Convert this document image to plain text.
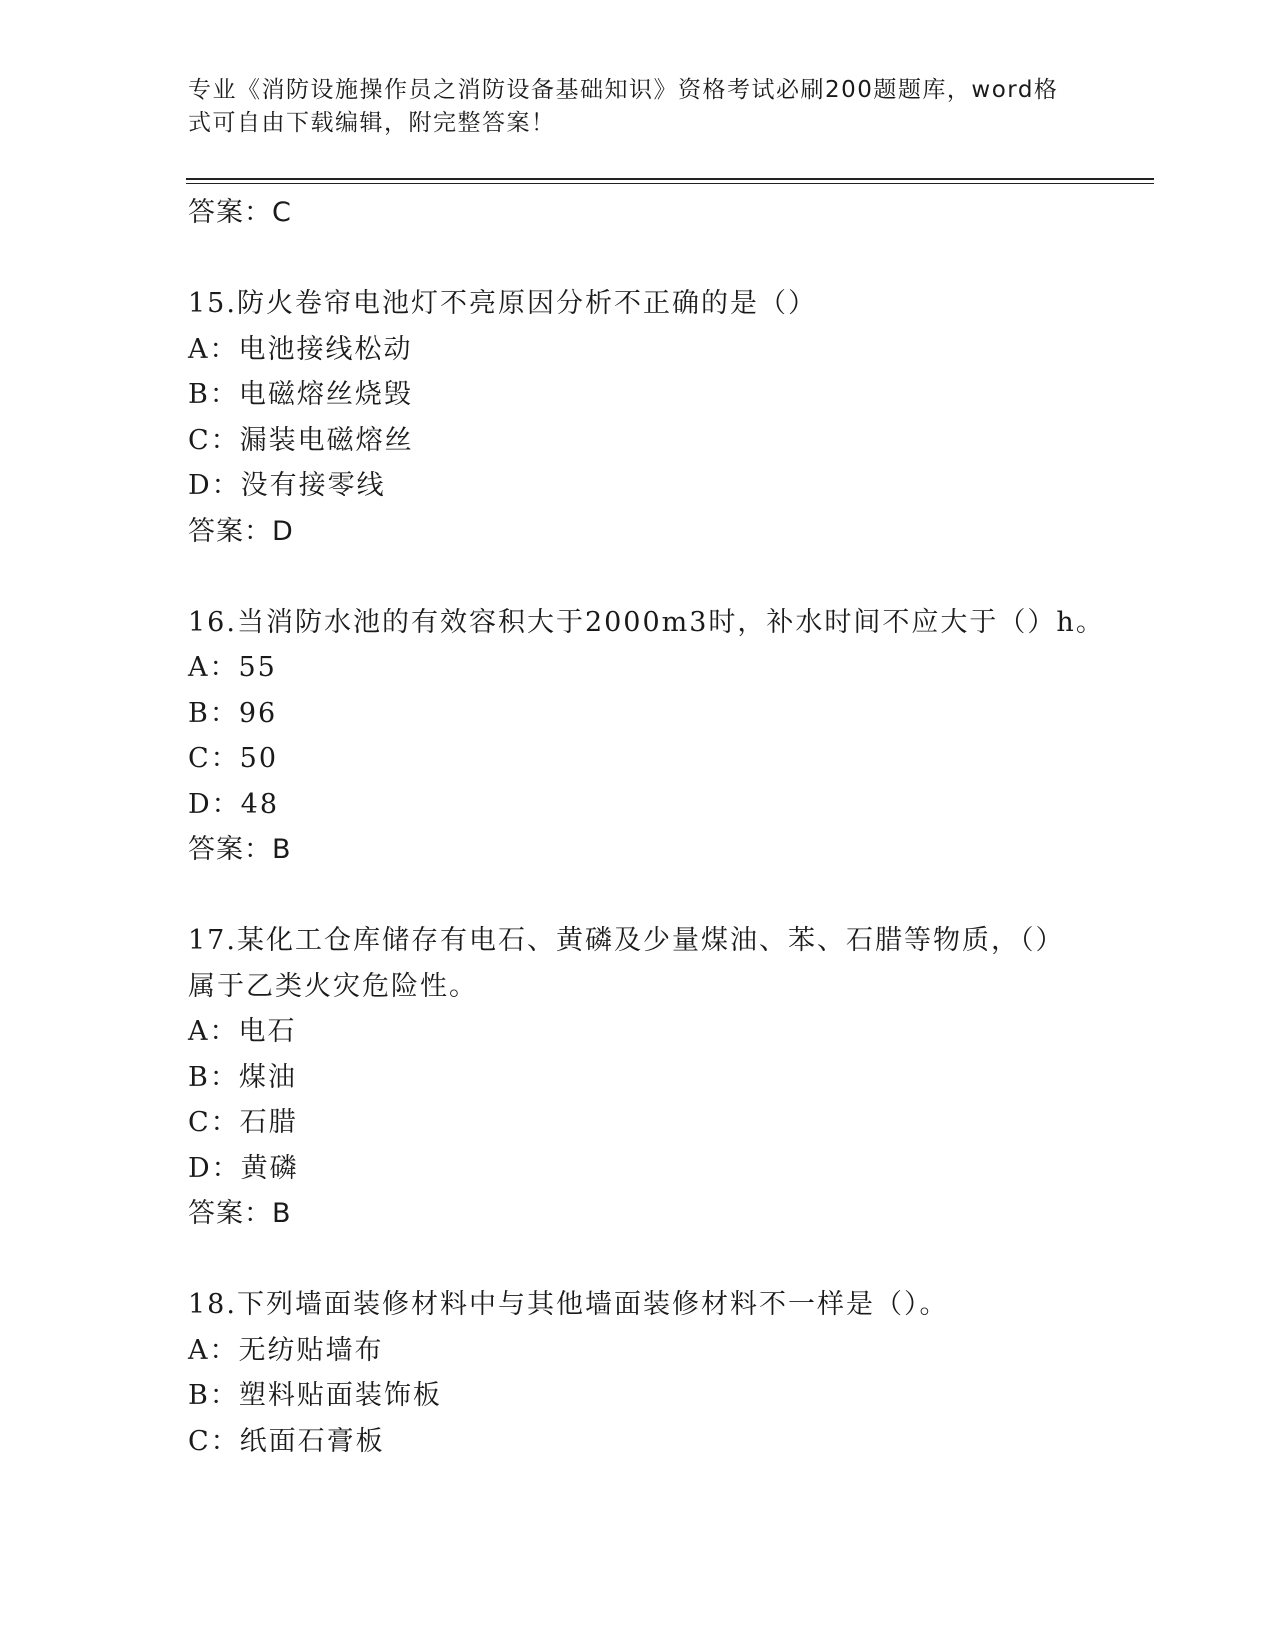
专业《消防设施操作员之消防设备基础知识》资格考试必刷200题题库，word格
式可自由下载编辑，附完整答案！
答案：C
15.防火卷帘电池灯不亮原因分析不正确的是（）
A：电池接线松动
B：电磁熔丝烧毁
C：漏装电磁熔丝
D：没有接零线
答案：D
16.当消防水池的有效容积大于2000m3时，补水时间不应大于（）h。
A：55
B：96
C：50
D：48
答案：B
17.某化工仓库储存有电石、黄磷及少量煤油、苯、石腊等物质，（）
属于乙类火灾危险性。
A：电石
B：煤油
C：石腊
D：黄磷
答案：B
18.下列墙面装修材料中与其他墙面装修材料不一样是（）。
A：无纺贴墙布
B：塑料贴面装饰板
C：纸面石膏板
